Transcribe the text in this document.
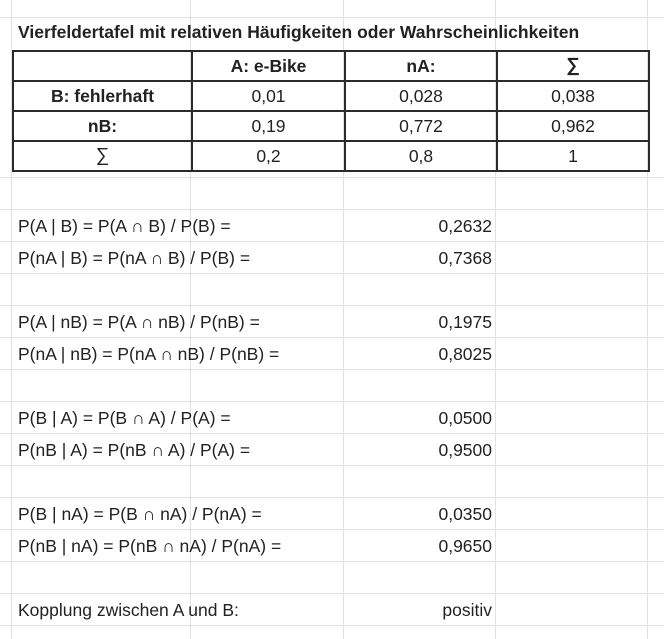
Vierfeldertafel mit relativen Häufigkeiten oder Wahrscheinlichkeiten
	A: e-Bike	nA:	∑
B: fehlerhaft	0,01	0,028	0,038
nB:	0,19	0,772	0,962
∑	0,2	0,8	1
P(A | B) = P(A ∩ B) / P(B) =	0,2632
P(nA | B) = P(nA ∩ B) / P(B) =	0,7368
P(A | nB) = P(A ∩ nB) / P(nB) =	0,1975
P(nA | nB) = P(nA ∩ nB) / P(nB) =	0,8025
P(B | A) = P(B ∩ A) / P(A) =	0,0500
P(nB | A) = P(nB ∩ A) / P(A) =	0,9500
P(B | nA) = P(B ∩ nA) / P(nA) =	0,0350
P(nB | nA) = P(nB ∩ nA) / P(nA) =	0,9650
Kopplung zwischen A und B:	positiv
